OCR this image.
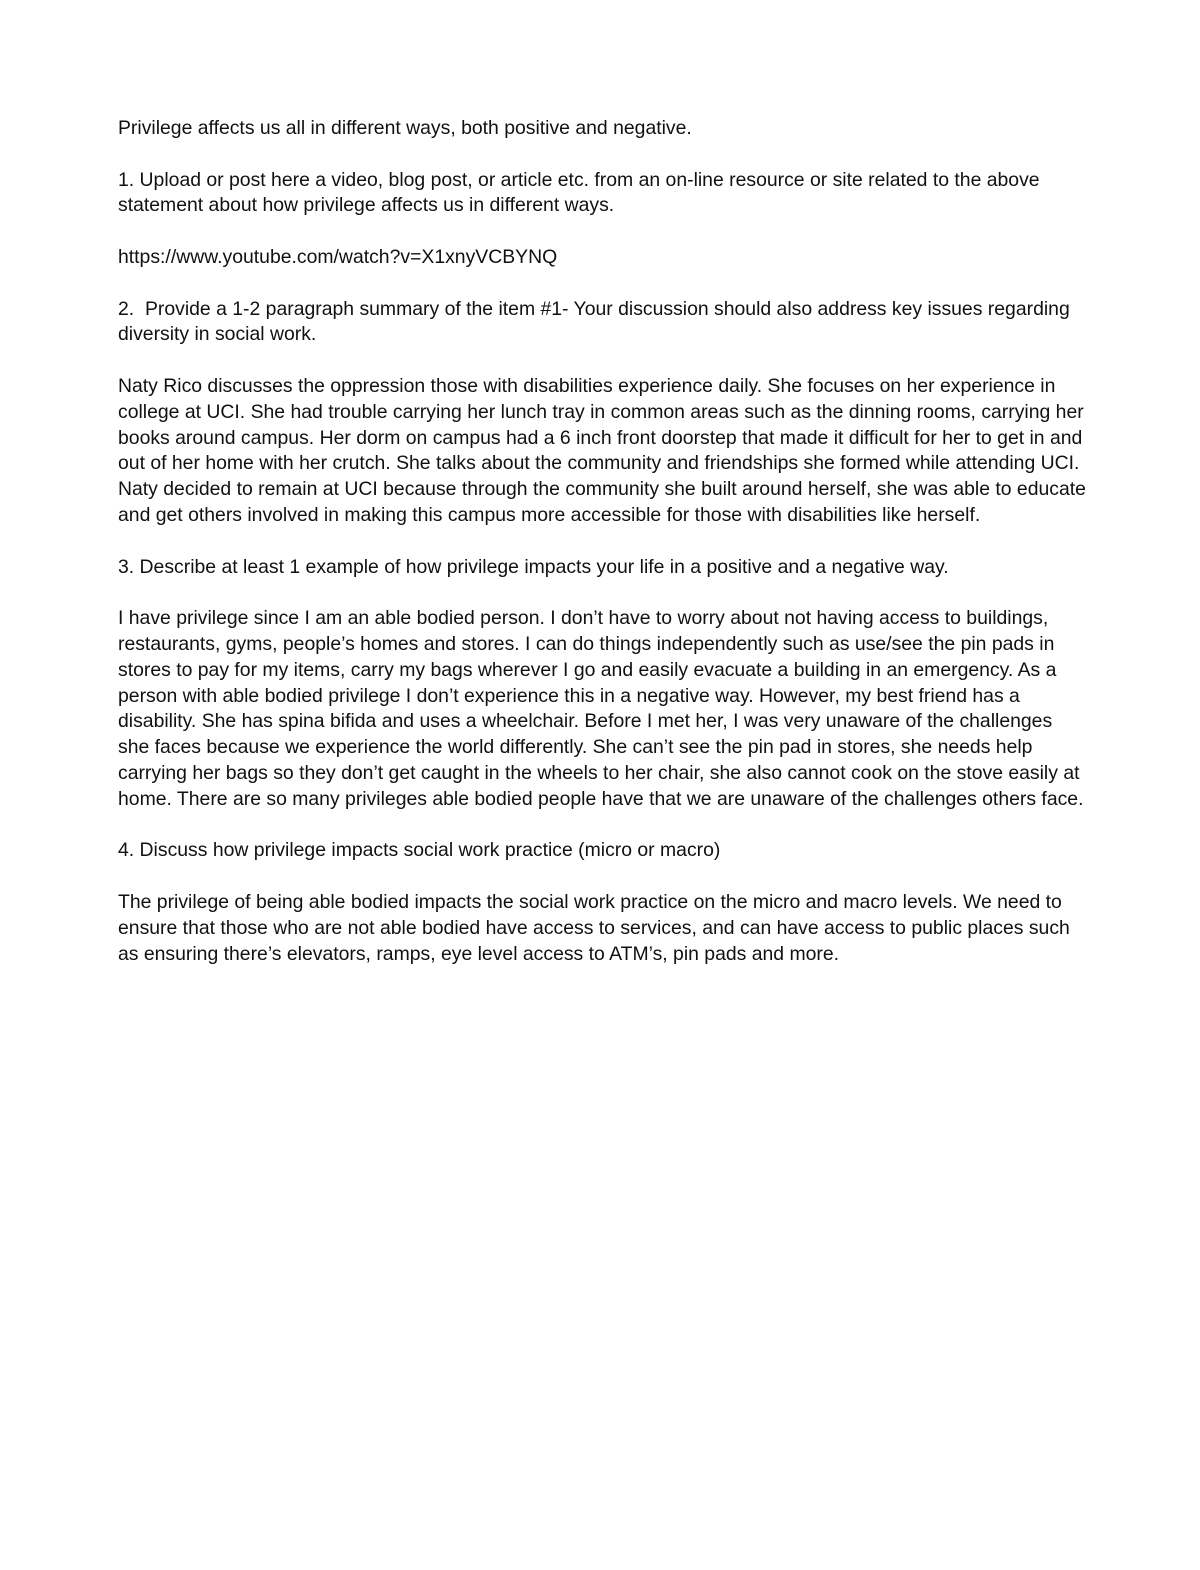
Privilege affects us all in different ways, both positive and negative.

1. Upload or post here a video, blog post, or article etc. from an on-line resource or site related to the above statement about how privilege affects us in different ways.

https://www.youtube.com/watch?v=X1xnyVCBYNQ

2.  Provide a 1-2 paragraph summary of the item #1- Your discussion should also address key issues regarding diversity in social work.

Naty Rico discusses the oppression those with disabilities experience daily. She focuses on her experience in college at UCI. She had trouble carrying her lunch tray in common areas such as the dinning rooms, carrying her books around campus. Her dorm on campus had a 6 inch front doorstep that made it difficult for her to get in and out of her home with her crutch. She talks about the community and friendships she formed while attending UCI. Naty decided to remain at UCI because through the community she built around herself, she was able to educate and get others involved in making this campus more accessible for those with disabilities like herself.

3. Describe at least 1 example of how privilege impacts your life in a positive and a negative way.

I have privilege since I am an able bodied person. I don’t have to worry about not having access to buildings, restaurants, gyms, people’s homes and stores. I can do things independently such as use/see the pin pads in stores to pay for my items, carry my bags wherever I go and easily evacuate a building in an emergency. As a person with able bodied privilege I don’t experience this in a negative way. However, my best friend has a disability. She has spina bifida and uses a wheelchair. Before I met her, I was very unaware of the challenges she faces because we experience the world differently. She can’t see the pin pad in stores, she needs help carrying her bags so they don’t get caught in the wheels to her chair, she also cannot cook on the stove easily at home. There are so many privileges able bodied people have that we are unaware of the challenges others face.

4. Discuss how privilege impacts social work practice (micro or macro)

The privilege of being able bodied impacts the social work practice on the micro and macro levels. We need to ensure that those who are not able bodied have access to services, and can have access to public places such as ensuring there’s elevators, ramps, eye level access to ATM’s, pin pads and more.
